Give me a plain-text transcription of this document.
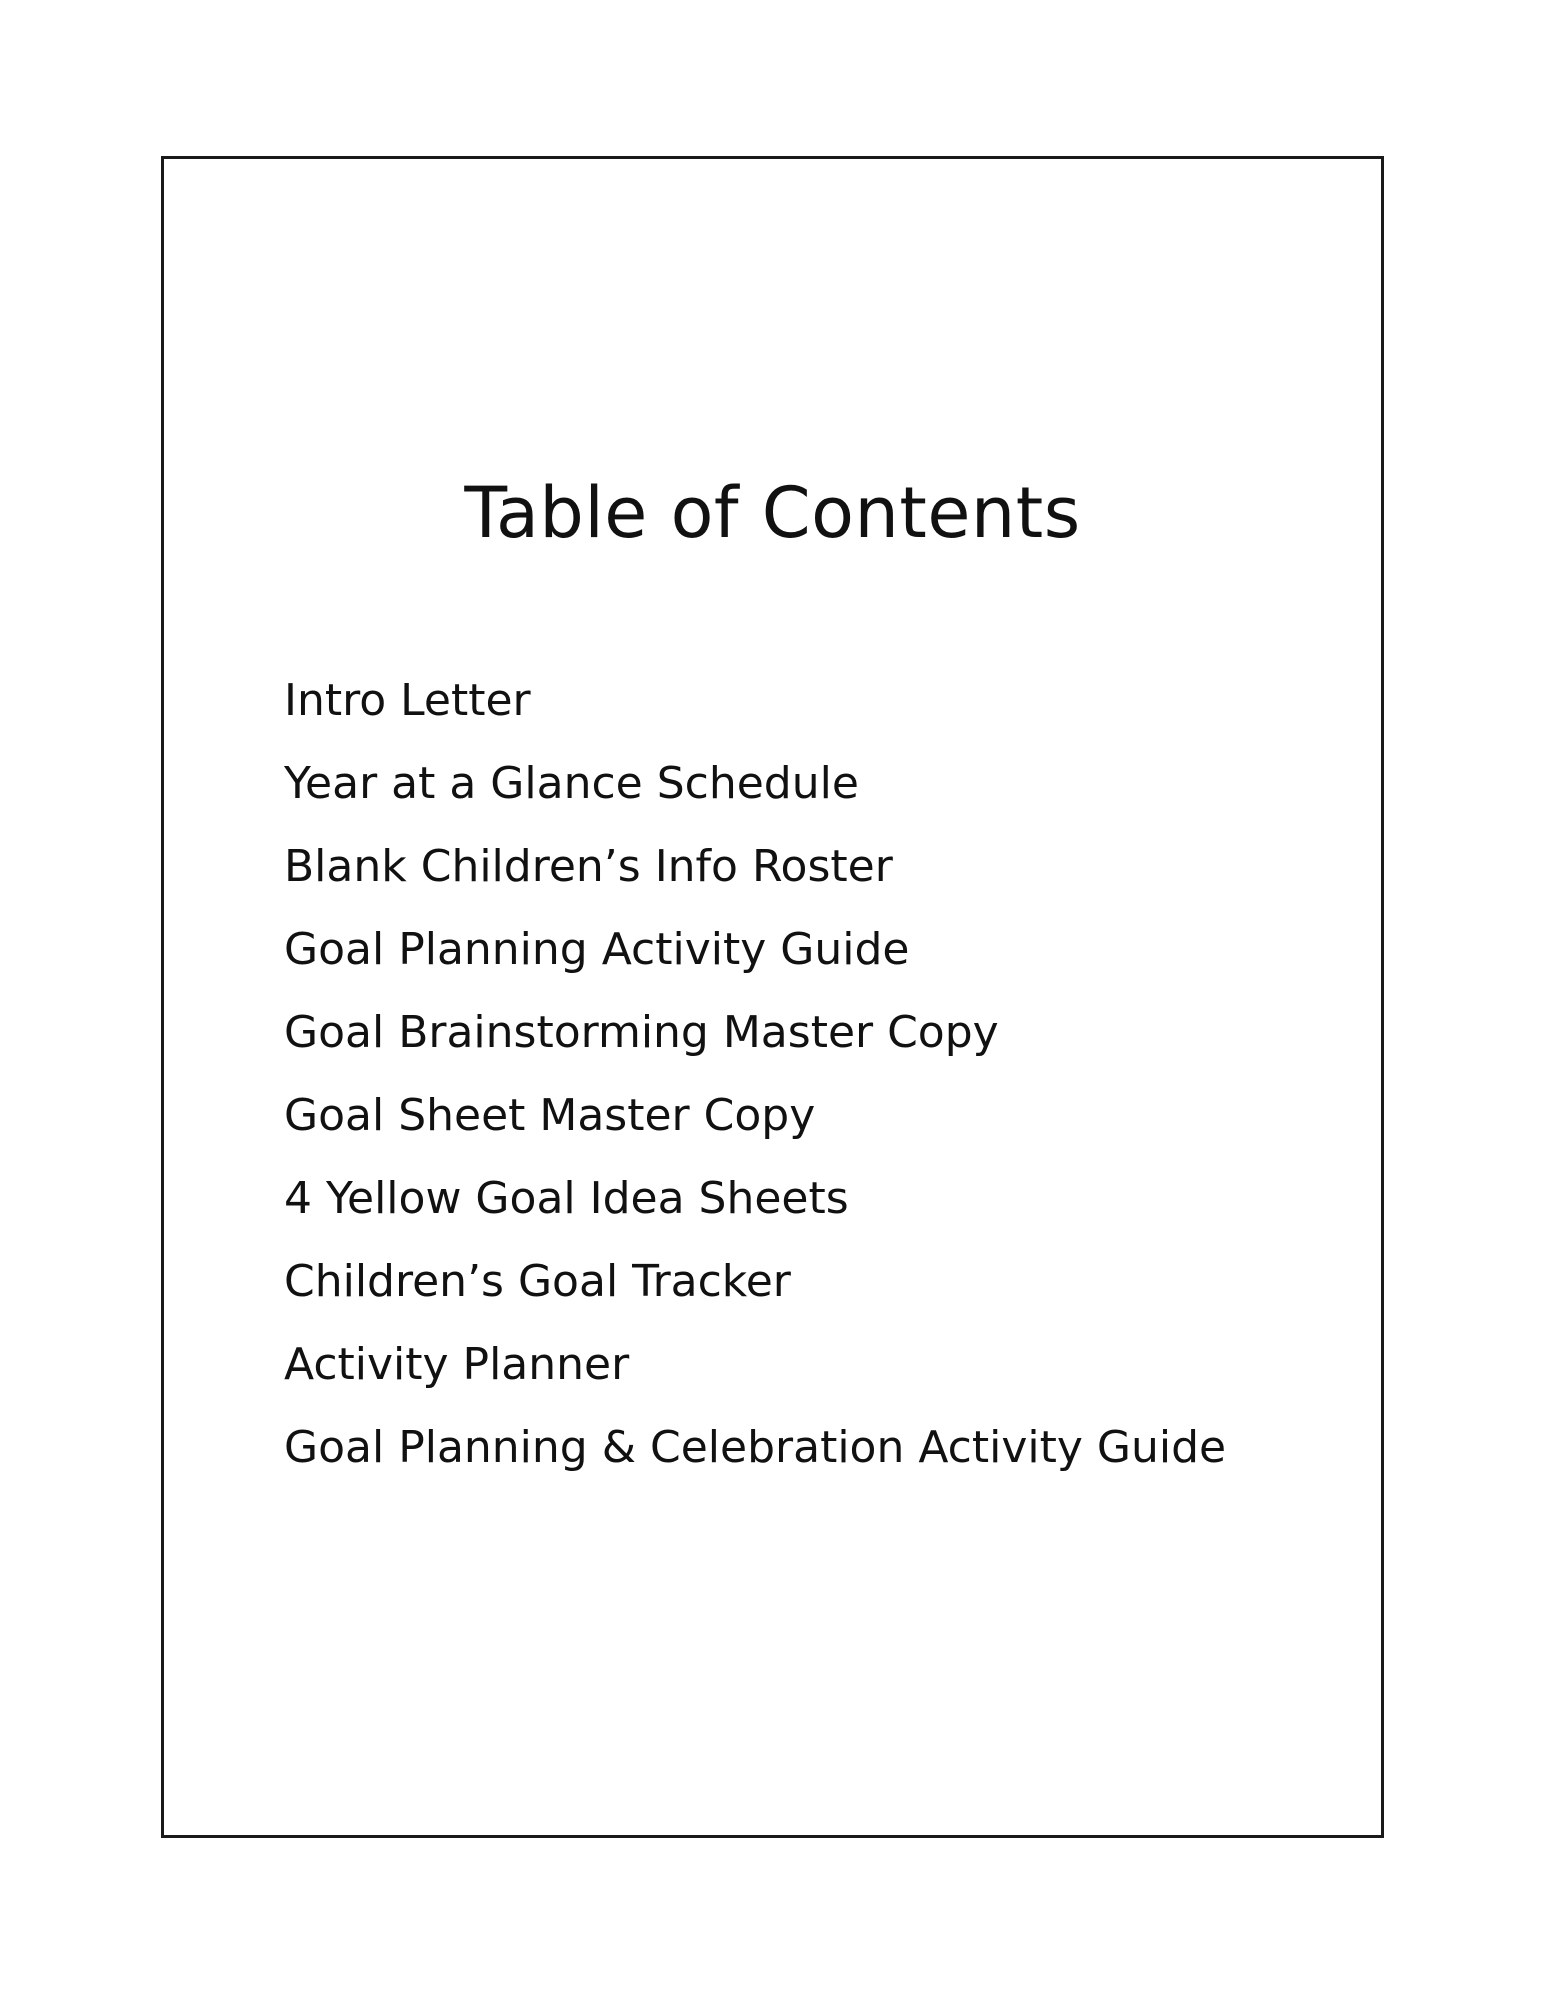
Table of Contents
Intro Letter
Year at a Glance Schedule
Blank Children’s Info Roster
Goal Planning Activity Guide
Goal Brainstorming Master Copy
Goal Sheet Master Copy
4 Yellow Goal Idea Sheets
Children’s Goal Tracker
Activity Planner
Goal Planning & Celebration Activity Guide
